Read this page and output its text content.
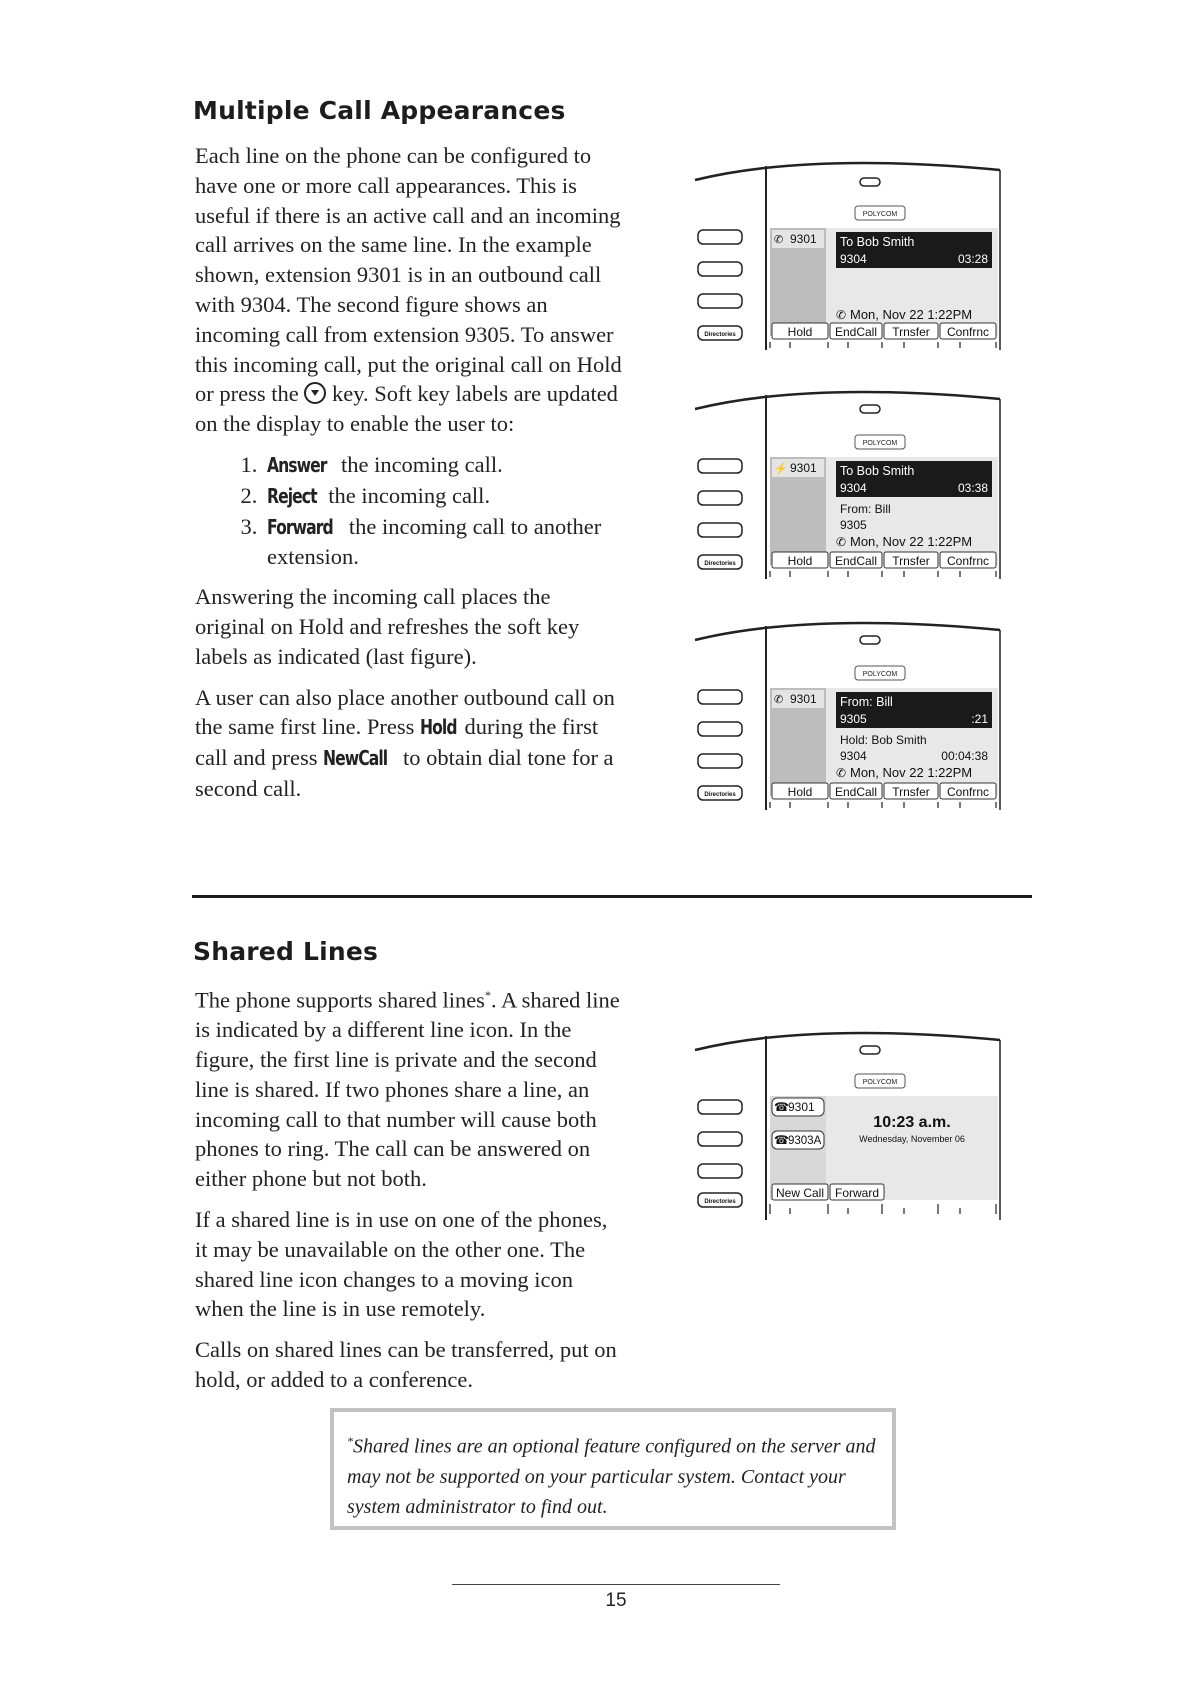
Multiple Call Appearances

Each line on the phone can be configured to have one or more call appearances. This is useful if there is an active call and an incoming call arrives on the same line. In the example shown, extension 9301 is in an outbound call with 9304. The second figure shows an incoming call from extension 9305. To answer this incoming call, put the original call on Hold or press the key. Soft key labels are updated on the display to enable the user to:

1. Answer the incoming call.
2. Reject the incoming call.
3. Forward the incoming call to another extension.

Answering the incoming call places the original on Hold and refreshes the soft key labels as indicated (last figure).

A user can also place another outbound call on the same first line. Press Hold during the first call and press NewCall to obtain dial tone for a second call.

Shared Lines

The phone supports shared lines*. A shared line is indicated by a different line icon. In the figure, the first line is private and the second line is shared. If two phones share a line, an incoming call to that number will cause both phones to ring. The call can be answered on either phone but not both.

If a shared line is in use on one of the phones, it may be unavailable on the other one. The shared line icon changes to a moving icon when the line is in use remotely.

Calls on shared lines can be transferred, put on hold, or added to a conference.

*Shared lines are an optional feature configured on the server and may not be supported on your particular system. Contact your system administrator to find out.
15
POLYCOM
Directories
✆ 9301 To Bob Smith
9304	03:28
✆ Mon, Nov 22 1:22PM
Hold EndCall Trnsfer Confrnc
POLYCOM
Directories
⚡ 9301 To Bob Smith
9304	03:38
From: Bill
9305
✆ Mon, Nov 22 1:22PM
Hold EndCall Trnsfer Confrnc
POLYCOM
Directories
✆ 9301 From: Bill
9305	:21
Hold: Bob Smith
9304	00:04:38
✆ Mon, Nov 22 1:22PM
Hold EndCall Trnsfer Confrnc
POLYCOM
Directories
☎ 9301
☎ 9303A
10:23 a.m.
Wednesday, November 06
New Call Forward
